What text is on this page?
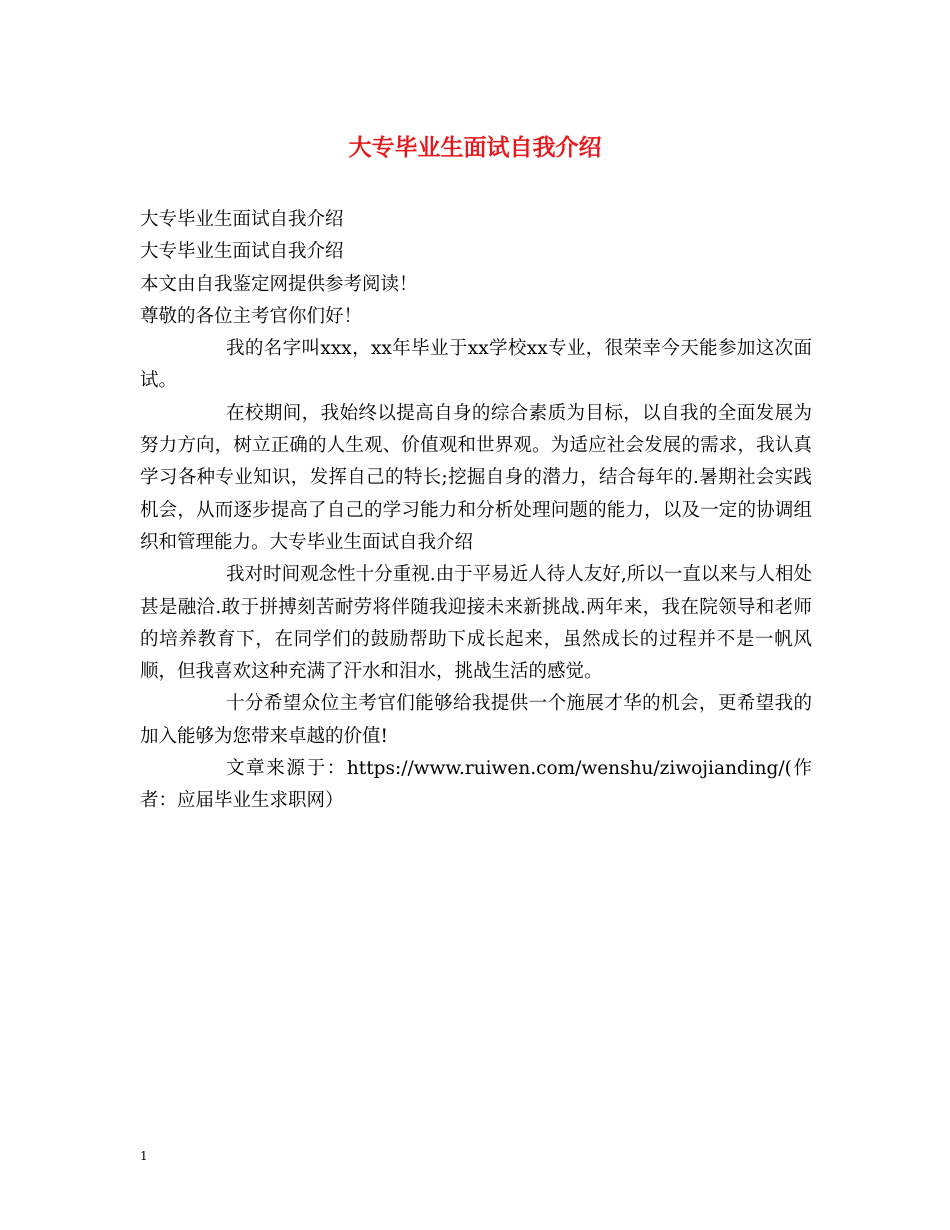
大专毕业生面试自我介绍
大专毕业生面试自我介绍
大专毕业生面试自我介绍
本文由自我鉴定网提供参考阅读！
尊敬的各位主考官你们好！

我的名字叫xxx，xx年毕业于xx学校xx专业，很荣幸今天能参加这次面试。

在校期间，我始终以提高自身的综合素质为目标，以自我的全面发展为努力方向，树立正确的人生观、价值观和世界观。为适应社会发展的需求，我认真学习各种专业知识，发挥自己的特长;挖掘自身的潜力，结合每年的.暑期社会实践机会，从而逐步提高了自己的学习能力和分析处理问题的能力，以及一定的协调组织和管理能力。大专毕业生面试自我介绍

我对时间观念性十分重视.由于平易近人待人友好,所以一直以来与人相处甚是融洽.敢于拼搏刻苦耐劳将伴随我迎接未来新挑战.两年来，我在院领导和老师的培养教育下，在同学们的鼓励帮助下成长起来，虽然成长的过程并不是一帆风顺，但我喜欢这种充满了汗水和泪水，挑战生活的感觉。

十分希望众位主考官们能够给我提供一个施展才华的机会，更希望我的加入能够为您带来卓越的价值!

文章来源于：https://www.ruiwen.com/wenshu/ziwojianding/(作者：应届毕业生求职网）

1
